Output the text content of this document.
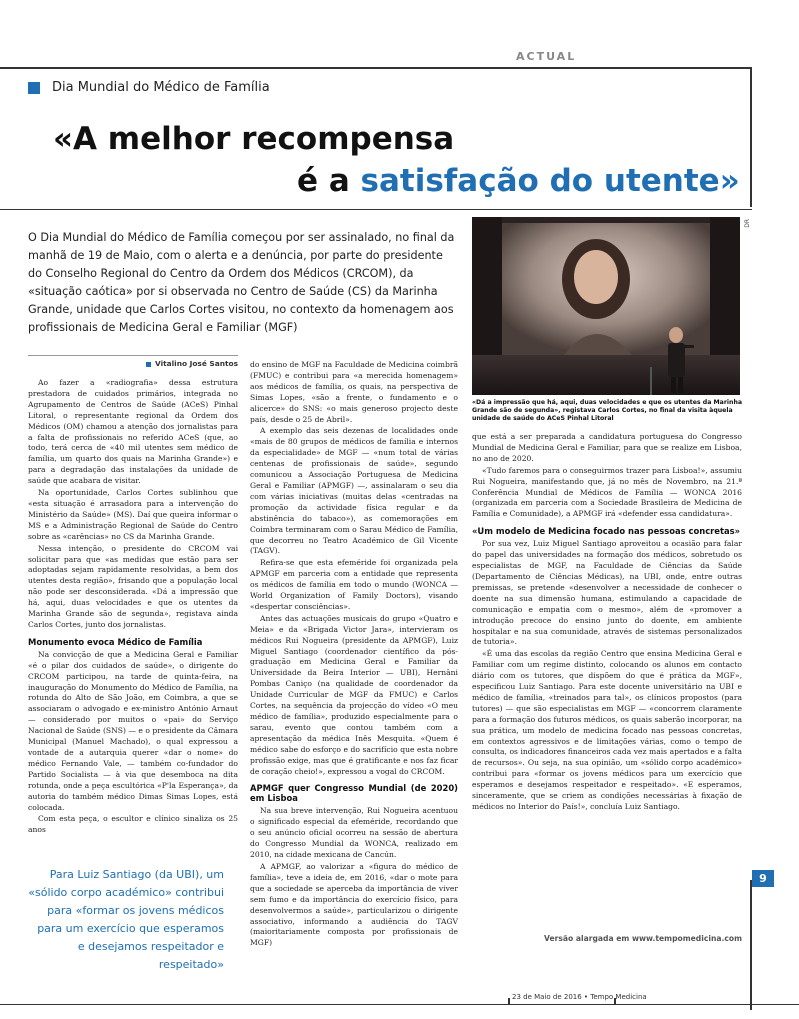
ACTUAL
9
Dia Mundial do Médico de Família
«A melhor recompensa
é a satisfação do utente»

O Dia Mundial do Médico de Família começou por ser assinalado, no final da manhã de 19 de Maio, com o alerta e a denúncia, por parte do presidente do Conselho Regional do Centro da Ordem dos Médicos (CRCOM), da «situação caótica» por si observada no Centro de Saúde (CS) da Marinha Grande, unidade que Carlos Cortes visitou, no contexto da homenagem aos profissionais de Medicina Geral e Familiar (MGF)

DR

«Dá a impressão que há, aqui, duas velocidades e que os utentes da Marinha Grande são de segunda», registava Carlos Cortes, no final da visita àquela unidade de saúde do ACeS Pinhal Litoral

Vitalino José Santos

Ao fazer a «radiografia» dessa estrutura prestadora de cuidados primários, integrada no Agrupamento de Centros de Saúde (ACeS) Pinhal Litoral, o representante regional da Ordem dos Médicos (OM) chamou a atenção dos jornalistas para a falta de profissionais no referido ACeS (que, ao todo, terá cerca de «40 mil utentes sem médico de família, um quarto dos quais na Marinha Grande») e para a degradação das instalações da unidade de saúde que acabara de visitar.

Na oportunidade, Carlos Cortes sublinhou que «esta situação é arrasadora para a intervenção do Ministério da Saúde» (MS). Daí que queira informar o MS e a Administração Regional de Saúde do Centro sobre as «carências» no CS da Marinha Grande.

Nessa intenção, o presidente do CRCOM vai solicitar para que «as medidas que estão para ser adoptadas sejam rapidamente resolvidas, a bem dos utentes desta região», frisando que a população local não pode ser desconsiderada. «Dá a impressão que há, aqui, duas velocidades e que os utentes da Marinha Grande são de segunda», registava ainda Carlos Cortes, junto dos jornalistas.

Monumento evoca Médico de Família

Na convicção de que a Medicina Geral e Familiar «é o pilar dos cuidados de saúde», o dirigente do CRCOM participou, na tarde de quinta-feira, na inauguração do Monumento do Médico de Família, na rotunda do Alto de São João, em Coimbra, a que se associaram o advogado e ex-ministro António Arnaut — considerado por muitos o «pai» do Serviço Nacional de Saúde (SNS) — e o presidente da Câmara Municipal (Manuel Machado), o qual expressou a vontade de a autarquia querer «dar o nome» do médico Fernando Vale, — também co-fundador do Partido Socialista — à via que desemboca na dita rotunda, onde a peça escultórica «P'la Esperança», da autoria do também médico Dimas Simas Lopes, está colocada.

Com esta peça, o escultor e clínico sinaliza os 25 anos

Para Luiz Santiago (da UBI), um «sólido corpo académico» contribui para «formar os jovens médicos para um exercício que esperamos e desejamos respeitador e respeitado»

do ensino de MGF na Faculdade de Medicina coimbrã (FMUC) e contribui para «a merecida homenagem» aos médicos de família, os quais, na perspectiva de Simas Lopes, «são a frente, o fundamento e o alicerce» do SNS: «o mais generoso projecto deste país, desde o 25 de Abril».

A exemplo das seis dezenas de localidades onde «mais de 80 grupos de médicos de família e internos da especialidade» de MGF — «num total de várias centenas de profissionais de saúde», segundo comunicou a Associação Portuguesa de Medicina Geral e Familiar (APMGF) —, assinalaram o seu dia com várias iniciativas (muitas delas «centradas na promoção da actividade física regular e da abstinência do tabaco»), as comemorações em Coimbra terminaram com o Sarau Médico de Família, que decorreu no Teatro Académico de Gil Vicente (TAGV).

Refira-se que esta efeméride foi organizada pela APMGF em parceria com a entidade que representa os médicos de família em todo o mundo (WONCA — World Organization of Family Doctors), visando «despertar consciências».

Antes das actuações musicais do grupo «Quatro e Meia» e da «Brigada Victor Jara», intervieram os médicos Rui Nogueira (presidente da APMGF), Luiz Miguel Santiago (coordenador científico da pós-graduação em Medicina Geral e Familiar da Universidade da Beira Interior — UBI), Hernâni Pombas Caniço (na qualidade de coordenador da Unidade Curricular de MGF da FMUC) e Carlos Cortes, na sequência da projecção do vídeo «O meu médico de família», produzido especialmente para o sarau, evento que contou também com a apresentação da médica Inês Mesquita. «Quem é médico sabe do esforço e do sacrifício que esta nobre profissão exige, mas que é gratificante e nos faz ficar de coração cheio!», expressou a vogal do CRCOM.

APMGF quer Congresso Mundial (de 2020) em Lisboa

Na sua breve intervenção, Rui Nogueira acentuou o significado especial da efeméride, recordando que o seu anúncio oficial ocorreu na sessão de abertura do Congresso Mundial da WONCA, realizado em 2010, na cidade mexicana de Cancún.

A APMGF, ao valorizar a «figura do médico de família», teve a ideia de, em 2016, «dar o mote para que a sociedade se aperceba da importância de viver sem fumo e da importância do exercício físico, para desenvolvermos a saúde», particularizou o dirigente associativo, informando a audiência do TAGV (maioritariamente composta por profissionais de MGF)

que está a ser preparada a candidatura portuguesa do Congresso Mundial de Medicina Geral e Familiar, para que se realize em Lisboa, no ano de 2020.

«Tudo faremos para o conseguirmos trazer para Lisboa!», assumiu Rui Nogueira, manifestando que, já no mês de Novembro, na 21.ª Conferência Mundial de Médicos de Família — WONCA 2016 (organizada em parceria com a Sociedade Brasileira de Medicina de Família e Comunidade), a APMGF irá «defender essa candidatura».

«Um modelo de Medicina focado nas pessoas concretas»

Por sua vez, Luiz Miguel Santiago aproveitou a ocasião para falar do papel das universidades na formação dos médicos, sobretudo os especialistas de MGF, na Faculdade de Ciências da Saúde (Departamento de Ciências Médicas), na UBI, onde, entre outras premissas, se pretende «desenvolver a necessidade de conhecer o doente na sua dimensão humana, estimulando a capacidade de comunicação e empatia com o mesmo», além de «promover a introdução precoce do ensino junto do doente, em ambiente hospitalar e na sua comunidade, através de sistemas personalizados de tutoria».

«É uma das escolas da região Centro que ensina Medicina Geral e Familiar com um regime distinto, colocando os alunos em contacto diário com os tutores, que dispõem do que é prática da MGF», especificou Luiz Santiago. Para este docente universitário na UBI e médico de família, «treinados para tal», os clínicos propostos (para tutores) — que são especialistas em MGF — «concorrem claramente para a formação dos futuros médicos, os quais saberão incorporar, na sua prática, um modelo de medicina focado nas pessoas concretas, em contextos agressivos e de limitações várias, como o tempo de consulta, os indicadores financeiros cada vez mais apertados e a falta de recursos». Ou seja, na sua opinião, um «sólido corpo académico» contribui para «formar os jovens médicos para um exercício que esperamos e desejamos respeitador e respeitado». «E esperamos, sinceramente, que se criem as condições necessárias à fixação de médicos no Interior do País!», concluía Luiz Santiago.

Versão alargada em www.tempomedicina.com
23 de Maio de 2016 • Tempo Medicina
